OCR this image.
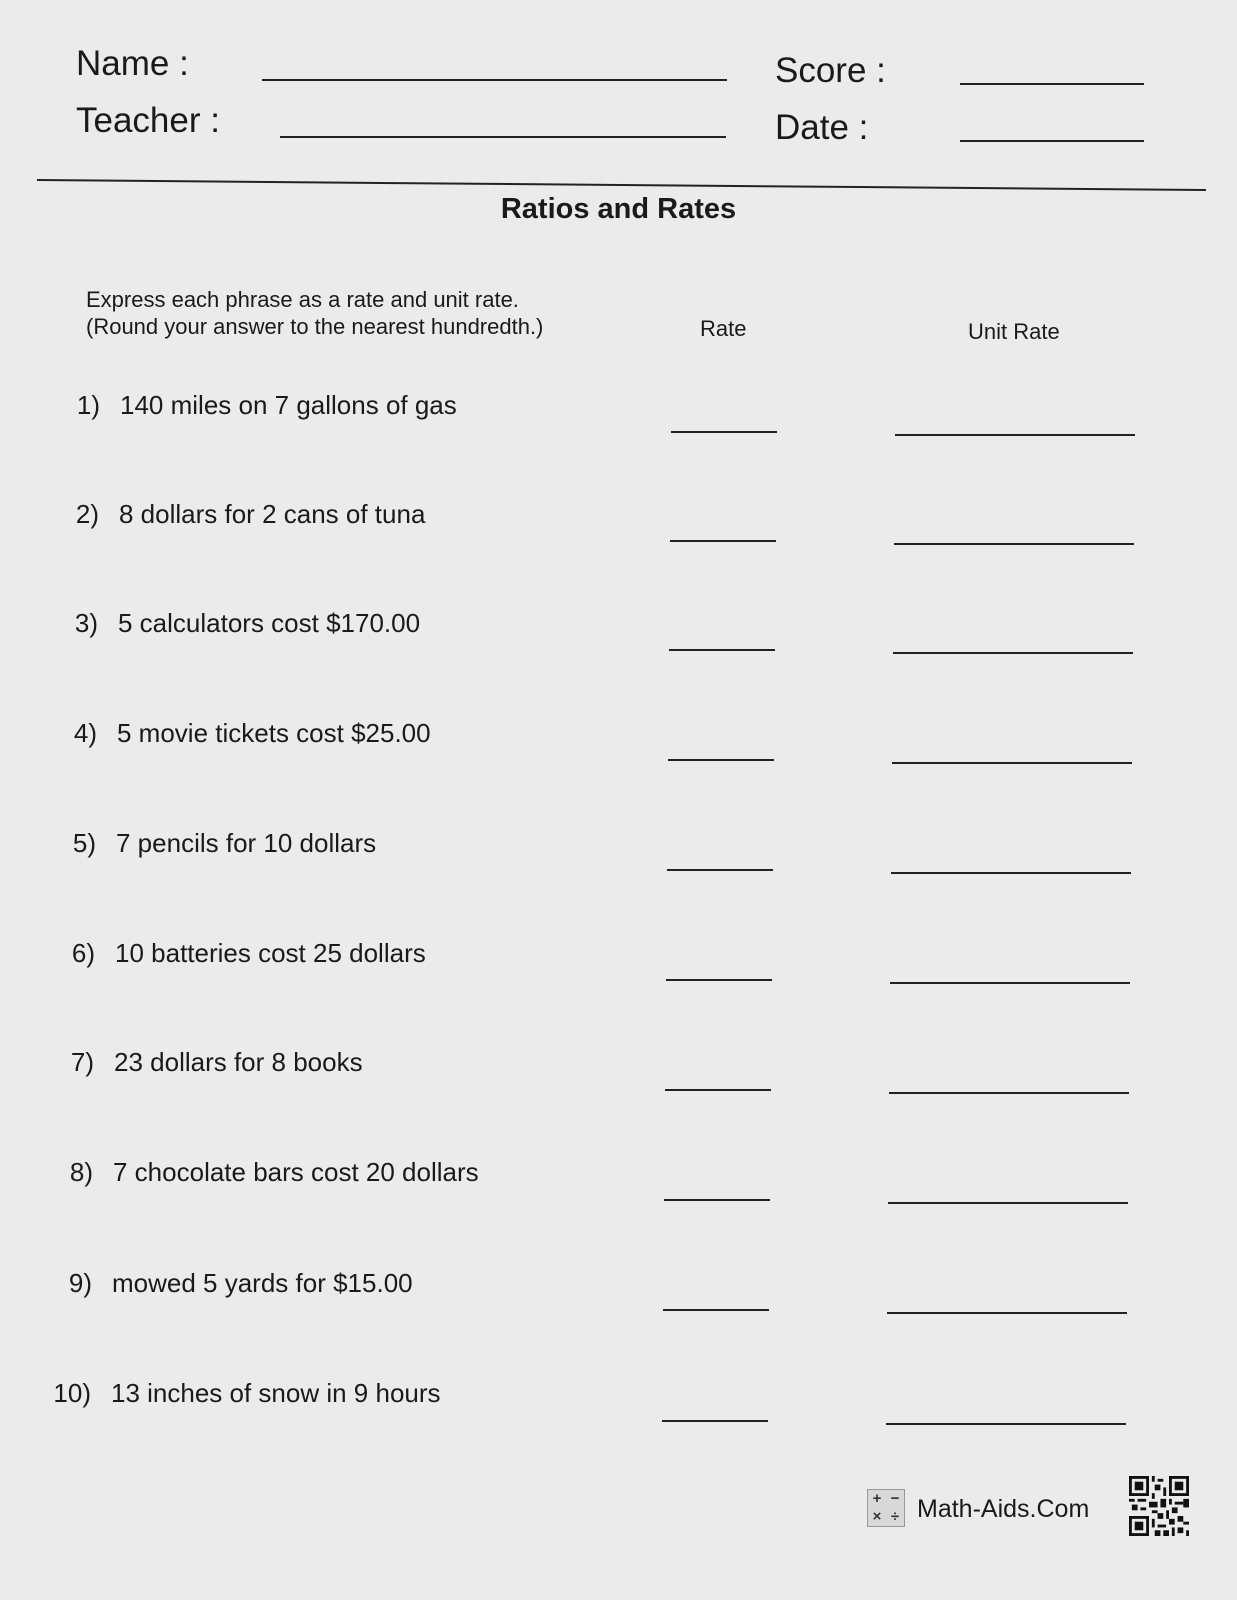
Name :
Teacher :
Score :
Date :
Ratios and Rates
Express each phrase as a rate and unit rate.
(Round your answer to the nearest hundredth.)	Rate	Unit Rate
1) 140 miles on 7 gallons of gas
2) 8 dollars for 2 cans of tuna
3) 5 calculators cost $170.00
4) 5 movie tickets cost $25.00
5) 7 pencils for 10 dollars
6) 10 batteries cost 25 dollars
7) 23 dollars for 8 books
8) 7 chocolate bars cost 20 dollars
9) mowed 5 yards for $15.00
10) 13 inches of snow in 9 hours
+ −
× ÷ Math-Aids.Com
